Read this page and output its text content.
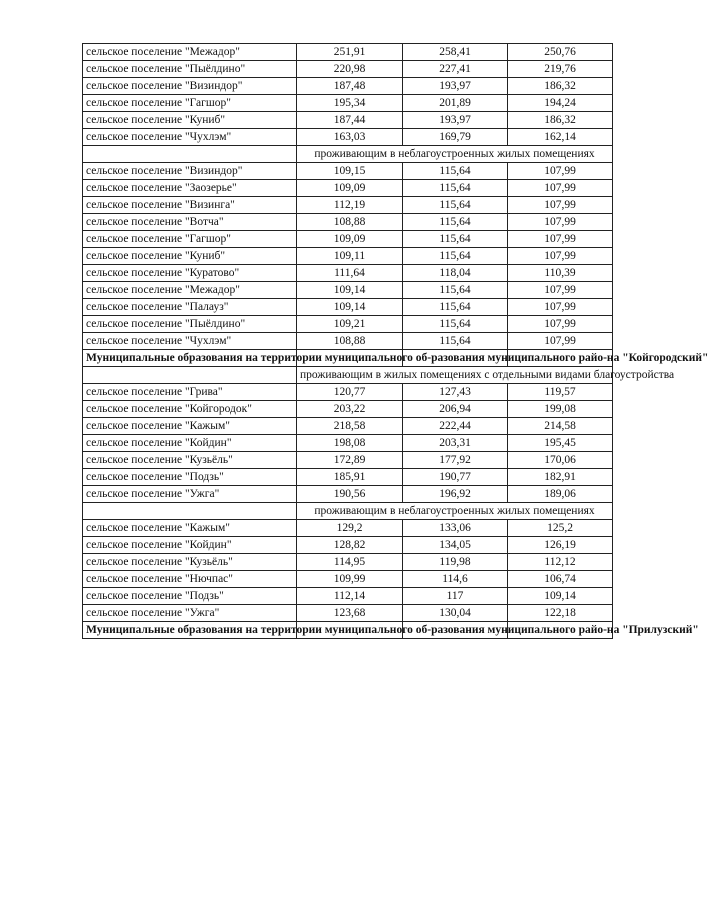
сельское поселение "Межадор"	251,91	258,41	250,76
сельское поселение "Пыёлдино"	220,98	227,41	219,76
сельское поселение "Визиндор"	187,48	193,97	186,32
сельское поселение "Гагшор"	195,34	201,89	194,24
сельское поселение "Куниб"	187,44	193,97	186,32
сельское поселение "Чухлэм"	163,03	169,79	162,14
	проживающим в неблагоустроенных жилых помещениях		
сельское поселение "Визиндор"	109,15	115,64	107,99
сельское поселение "Заозерье"	109,09	115,64	107,99
сельское поселение "Визинга"	112,19	115,64	107,99
сельское поселение "Вотча"	108,88	115,64	107,99
сельское поселение "Гагшор"	109,09	115,64	107,99
сельское поселение "Куниб"	109,11	115,64	107,99
сельское поселение "Куратово"	111,64	118,04	110,39
сельское поселение "Межадор"	109,14	115,64	107,99
сельское поселение "Палауз"	109,14	115,64	107,99
сельское поселение "Пыёлдино"	109,21	115,64	107,99
сельское поселение "Чухлэм"	108,88	115,64	107,99
Муниципальные образования на территории муниципального об-разования муниципального райо-на "Койгородский"			
	проживающим в жилых помещениях с отдельными видами благоустройства		
сельское поселение "Грива"	120,77	127,43	119,57
сельское поселение "Койгородок"	203,22	206,94	199,08
сельское поселение "Кажым"	218,58	222,44	214,58
сельское поселение "Койдин"	198,08	203,31	195,45
сельское поселение "Кузьёль"	172,89	177,92	170,06
сельское поселение "Подзь"	185,91	190,77	182,91
сельское поселение "Ужга"	190,56	196,92	189,06
	проживающим в неблагоустроенных жилых помещениях		
сельское поселение "Кажым"	129,2	133,06	125,2
сельское поселение "Койдин"	128,82	134,05	126,19
сельское поселение "Кузьёль"	114,95	119,98	112,12
сельское поселение "Нючпас"	109,99	114,6	106,74
сельское поселение "Подзь"	112,14	117	109,14
сельское поселение "Ужга"	123,68	130,04	122,18
Муниципальные образования на территории муниципального об-разования муниципального райо-на "Прилузский"			
